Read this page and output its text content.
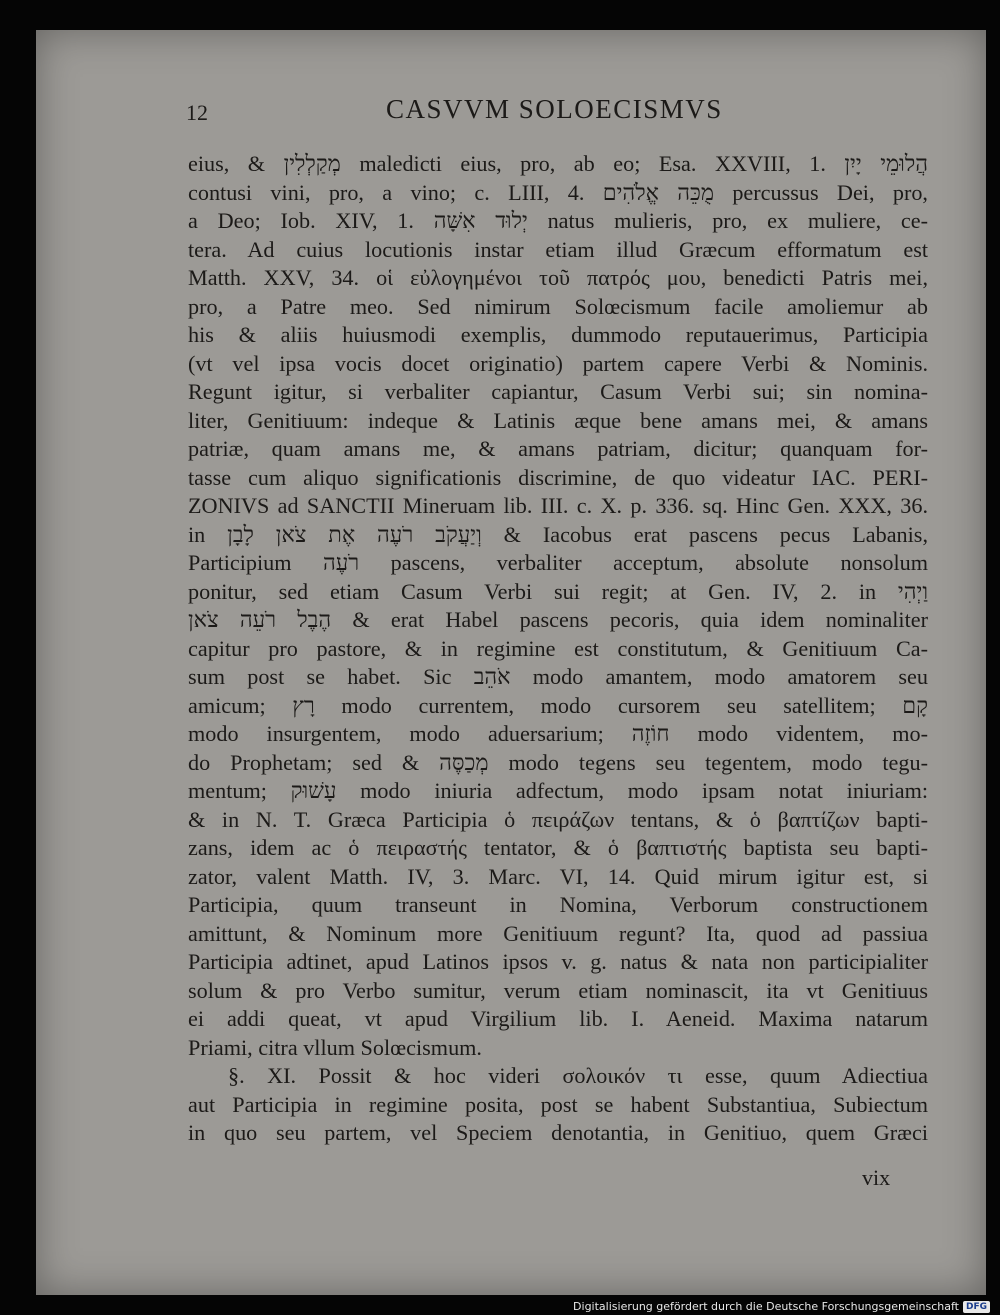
12	CASVVM SOLOECISMVS
eius, & מְקַלְלִין maledicti eius, pro, ab eo; Esa. XXVIII, 1. הֲלוּמֵי יָיִן
contusi vini, pro, a vino; c. LIII, 4. מֻכֵּה אֱלֹהִים percussus Dei, pro,
a Deo; Iob. XIV, 1. יְלוּד אִשָּׁה natus mulieris, pro, ex muliere, ce-
tera. Ad cuius locutionis instar etiam illud Græcum efformatum est
Matth. XXV, 34. οἱ εὐλογημένοι τοῦ πατρός μου, benedicti Patris mei,
pro, a Patre meo. Sed nimirum Solœcismum facile amoliemur ab
his & aliis huiusmodi exemplis, dummodo reputauerimus, Participia
(vt vel ipsa vocis docet originatio) partem capere Verbi & Nominis.
Regunt igitur, si verbaliter capiantur, Casum Verbi sui; sin nomina-
liter, Genitiuum: indeque & Latinis æque bene amans mei, & amans
patriæ, quam amans me, & amans patriam, dicitur; quanquam for-
tasse cum aliquo significationis discrimine, de quo videatur IAC. PERI-
ZONIVS ad SANCTII Mineruam lib. III. c. X. p. 336. sq. Hinc Gen. XXX, 36.
in וְיַעֲקֹב רֹעֶה אֶת צֹאן לָבָן & Iacobus erat pascens pecus Labanis,
Participium רֹעֶה pascens, verbaliter acceptum, absolute nonsolum
ponitur, sed etiam Casum Verbi sui regit; at Gen. IV, 2. in וַיְהִי
הֶבֶל רֹעֵה צֹאן & erat Habel pascens pecoris, quia idem nominaliter
capitur pro pastore, & in regimine est constitutum, & Genitiuum Ca-
sum post se habet. Sic אֹהֵב modo amantem, modo amatorem seu
amicum; רָץ modo currentem, modo cursorem seu satellitem; קָם
modo insurgentem, modo aduersarium; חוֹזֶה modo videntem, mo-
do Prophetam; sed & מְכַסֶּה modo tegens seu tegentem, modo tegu-
mentum; עָשׁוּק modo iniuria adfectum, modo ipsam notat iniuriam:
& in N. T. Græca Participia ὁ πειράζων tentans, & ὁ βαπτίζων bapti-
zans, idem ac ὁ πειραστής tentator, & ὁ βαπτιστής baptista seu bapti-
zator, valent Matth. IV, 3. Marc. VI, 14. Quid mirum igitur est, si
Participia, quum transeunt in Nomina, Verborum constructionem
amittunt, & Nominum more Genitiuum regunt? Ita, quod ad passiua
Participia adtinet, apud Latinos ipsos v. g. natus & nata non participialiter
solum & pro Verbo sumitur, verum etiam nominascit, ita vt Genitiuus
ei addi queat, vt apud Virgilium lib. I. Aeneid. Maxima natarum
Priami, citra vllum Solœcismum.
§. XI. Possit & hoc videri σολοικόν τι esse, quum Adiectiua
aut Participia in regimine posita, post se habent Substantiua, Subiectum
in quo seu partem, vel Speciem denotantia, in Genitiuo, quem Græci
vix
Digitalisierung gefördert durch die Deutsche Forschungsgemeinschaft DFG
